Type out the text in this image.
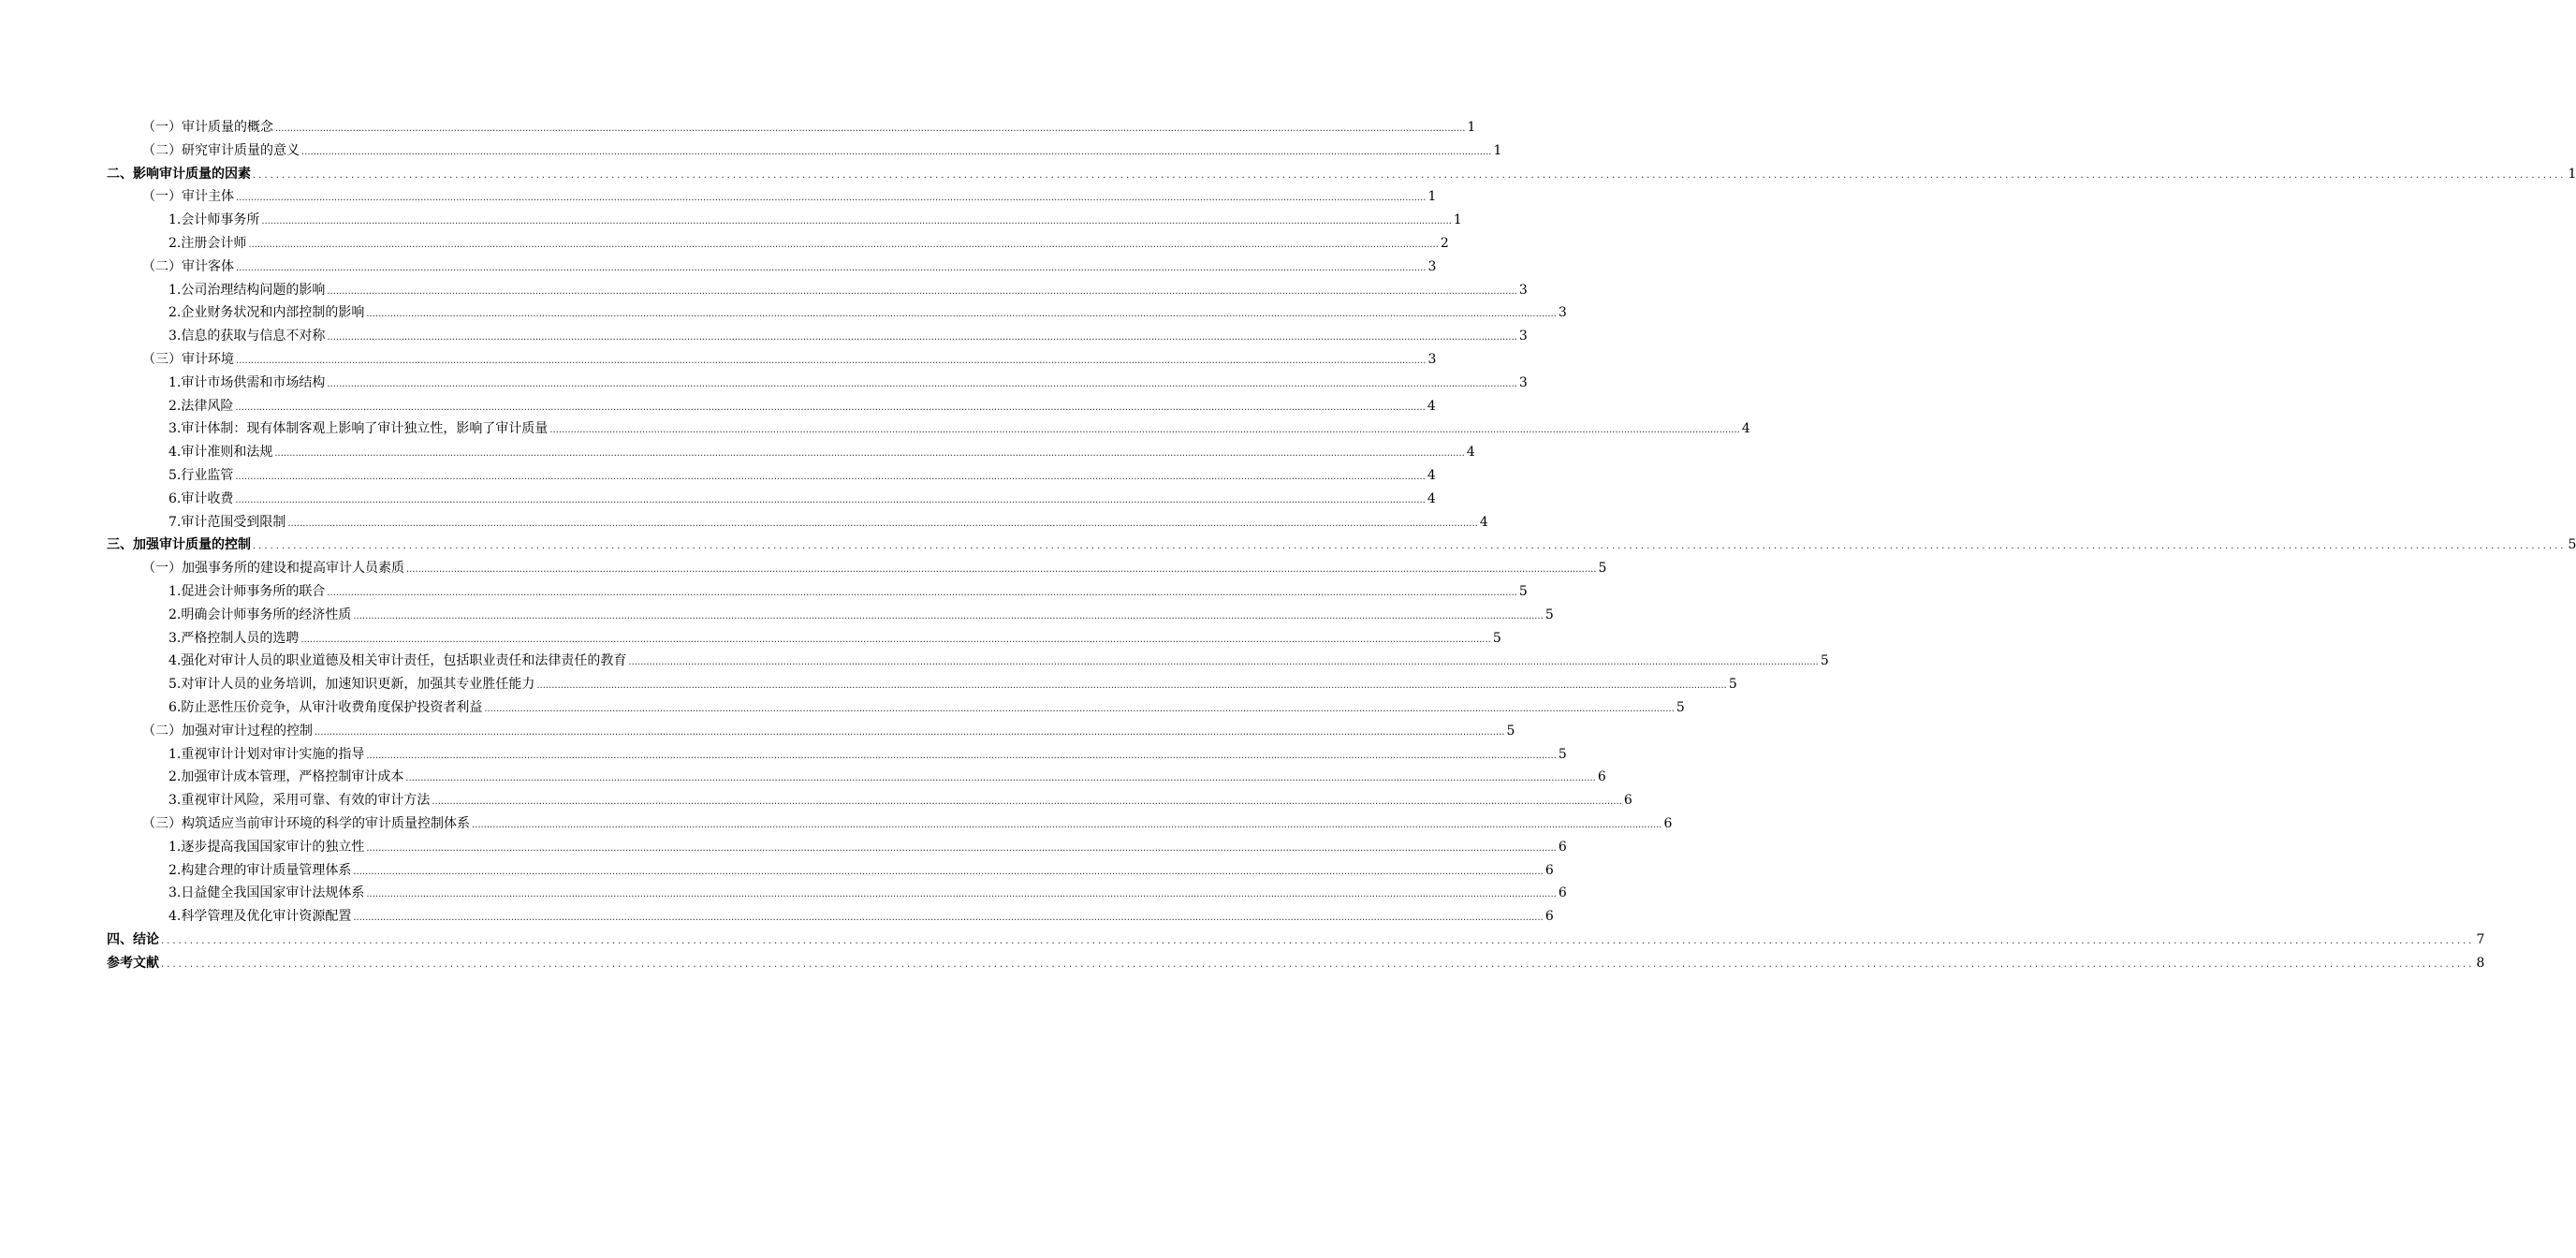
（一）审计质量的概念 ................................................................................................................................................................................................................................................................................................................................................................................................................ 1
（二）研究审计质量的意义 ................................................................................................................................................................................................................................................................................................................................................................................................................ 1
二、影响审计质量的因素 ................................................................................................................................................................................................................................................................................................................................................................................................................ 1
（一）审计主体 ................................................................................................................................................................................................................................................................................................................................................................................................................ 1
1.会计师事务所 ................................................................................................................................................................................................................................................................................................................................................................................................................ 1
2.注册会计师 ................................................................................................................................................................................................................................................................................................................................................................................................................ 2
（二）审计客体 ................................................................................................................................................................................................................................................................................................................................................................................................................ 3
1.公司治理结构问题的影响 ................................................................................................................................................................................................................................................................................................................................................................................................................ 3
2.企业财务状况和内部控制的影响 ................................................................................................................................................................................................................................................................................................................................................................................................................ 3
3.信息的获取与信息不对称 ................................................................................................................................................................................................................................................................................................................................................................................................................ 3
（三）审计环境 ................................................................................................................................................................................................................................................................................................................................................................................................................ 3
1.审计市场供需和市场结构 ................................................................................................................................................................................................................................................................................................................................................................................................................ 3
2.法律风险 ................................................................................................................................................................................................................................................................................................................................................................................................................ 4
3.审计体制：现有体制客观上影响了审计独立性，影响了审计质量 ................................................................................................................................................................................................................................................................................................................................................................................................................ 4
4.审计准则和法规 ................................................................................................................................................................................................................................................................................................................................................................................................................ 4
5.行业监管 ................................................................................................................................................................................................................................................................................................................................................................................................................ 4
6.审计收费 ................................................................................................................................................................................................................................................................................................................................................................................................................ 4
7.审计范围受到限制 ................................................................................................................................................................................................................................................................................................................................................................................................................ 4
三、加强审计质量的控制 ................................................................................................................................................................................................................................................................................................................................................................................................................ 5
（一）加强事务所的建设和提高审计人员素质 ................................................................................................................................................................................................................................................................................................................................................................................................................ 5
1.促进会计师事务所的联合 ................................................................................................................................................................................................................................................................................................................................................................................................................ 5
2.明确会计师事务所的经济性质 ................................................................................................................................................................................................................................................................................................................................................................................................................ 5
3.严格控制人员的选聘 ................................................................................................................................................................................................................................................................................................................................................................................................................ 5
4.强化对审计人员的职业道德及相关审计责任，包括职业责任和法律责任的教育 ................................................................................................................................................................................................................................................................................................................................................................................................................ 5
5.对审计人员的业务培训，加速知识更新，加强其专业胜任能力 ................................................................................................................................................................................................................................................................................................................................................................................................................ 5
6.防止恶性压价竞争，从审汁收费角度保护投资者利益 ................................................................................................................................................................................................................................................................................................................................................................................................................ 5
（二）加强对审计过程的控制 ................................................................................................................................................................................................................................................................................................................................................................................................................ 5
1.重视审计计划对审计实施的指导 ................................................................................................................................................................................................................................................................................................................................................................................................................ 5
2.加强审计成本管理，严格控制审计成本 ................................................................................................................................................................................................................................................................................................................................................................................................................ 6
3.重视审计风险，采用可靠、有效的审计方法 ................................................................................................................................................................................................................................................................................................................................................................................................................ 6
（三）构筑适应当前审计环境的科学的审计质量控制体系 ................................................................................................................................................................................................................................................................................................................................................................................................................ 6
1.逐步提高我国国家审计的独立性 ................................................................................................................................................................................................................................................................................................................................................................................................................ 6
2.构建合理的审计质量管理体系 ................................................................................................................................................................................................................................................................................................................................................................................................................ 6
3.日益健全我国国家审计法规体系 ................................................................................................................................................................................................................................................................................................................................................................................................................ 6
4.科学管理及优化审计资源配置 ................................................................................................................................................................................................................................................................................................................................................................................................................ 6
四、结论 ................................................................................................................................................................................................................................................................................................................................................................................................................ 7
参考文献 ................................................................................................................................................................................................................................................................................................................................................................................................................ 8
